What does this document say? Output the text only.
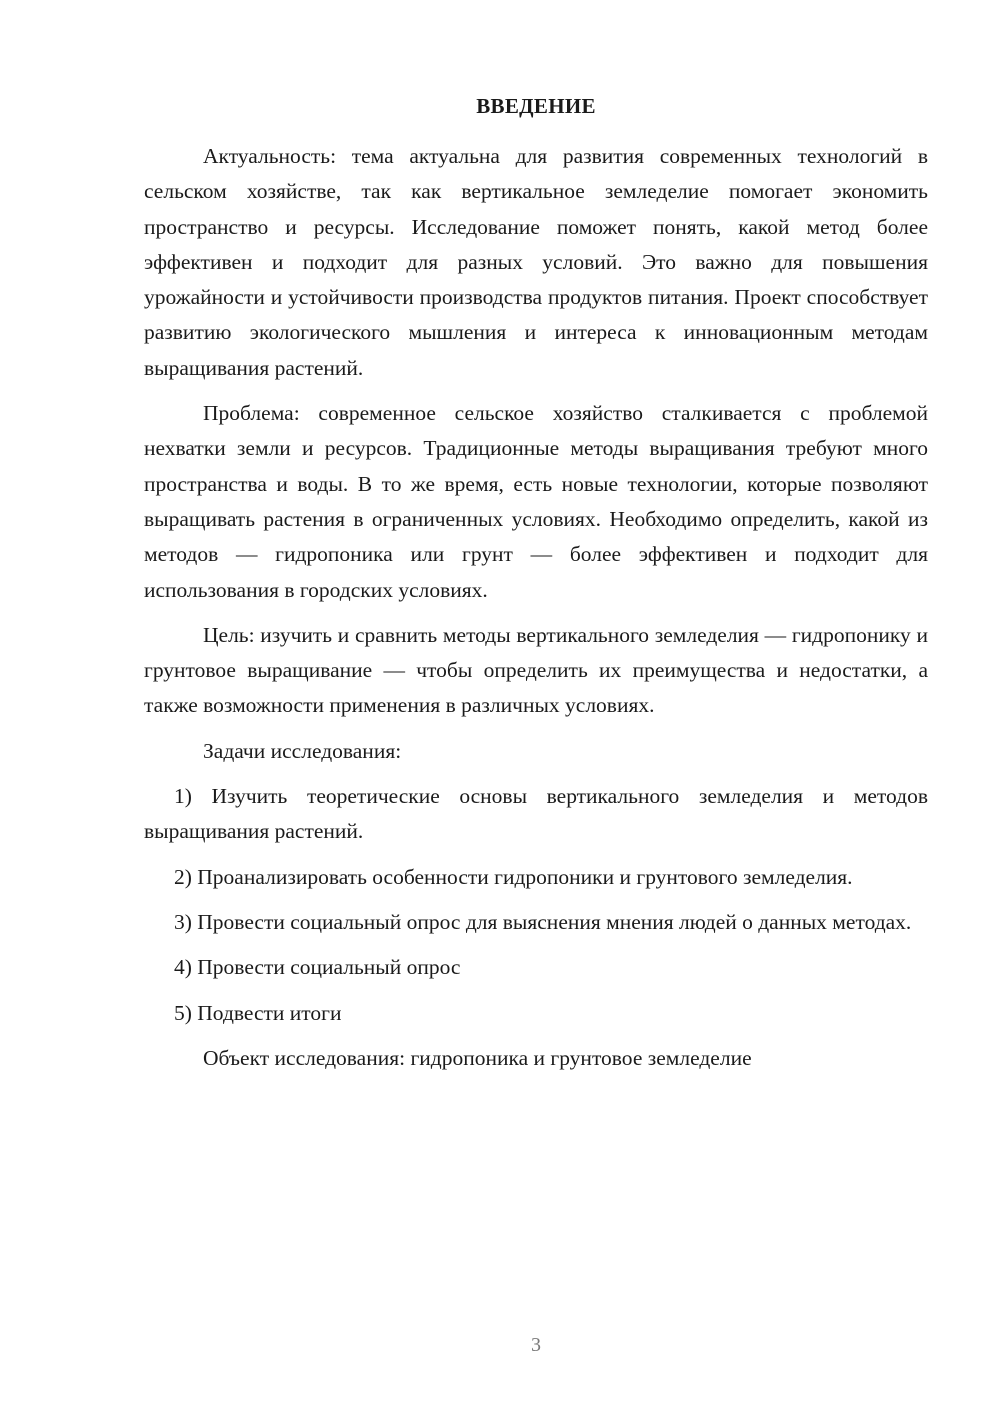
ВВЕДЕНИЕ

Актуальность: тема актуальна для развития современных технологий в сельском хозяйстве, так как вертикальное земледелие помогает экономить пространство и ресурсы. Исследование поможет понять, какой метод более эффективен и подходит для разных условий. Это важно для повышения урожайности и устойчивости производства продуктов питания. Проект способствует развитию экологического мышления и интереса к инновационным методам выращивания растений.

Проблема: современное сельское хозяйство сталкивается с проблемой нехватки земли и ресурсов. Традиционные методы выращивания требуют много пространства и воды. В то же время, есть новые технологии, которые позволяют выращивать растения в ограниченных условиях. Необходимо определить, какой из методов — гидропоника или грунт — более эффективен и подходит для использования в городских условиях.

Цель: изучить и сравнить методы вертикального земледелия — гидропонику и грунтовое выращивание — чтобы определить их преимущества и недостатки, а также возможности применения в различных условиях.

Задачи исследования:

1) Изучить теоретические основы вертикального земледелия и методов выращивания растений.

2) Проанализировать особенности гидропоники и грунтового земледелия.

3) Провести социальный опрос для выяснения мнения людей о данных методах.

4) Провести социальный опрос

5) Подвести итоги

Объект исследования: гидропоника и грунтовое земледелие

3
